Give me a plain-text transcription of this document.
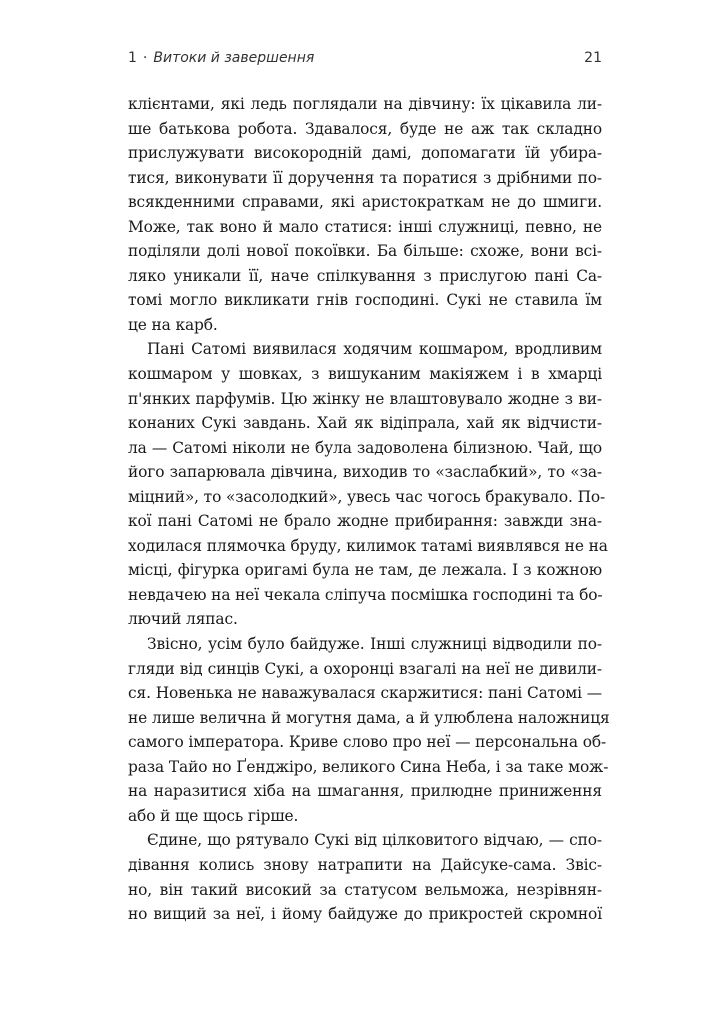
1 · Витоки й завершення	21
клієнтами, які ледь поглядали на дівчину: їх цікавила ли-
ше батькова робота. Здавалося, буде не аж так складно
прислужувати високородній дамі, допомагати їй убира-
тися, виконувати її доручення та поратися з дрібними по-
всякденними справами, які аристократкам не до шмиги.
Може, так воно й мало статися: інші служниці, певно, не
поділяли долі нової покоївки. Ба більше: схоже, вони всі-
ляко уникали її, наче спілкування з прислугою пані Са-
томі могло викликати гнів господині. Сукі не ставила їм
це на карб.
Пані Сатомі виявилася ходячим кошмаром, вродливим
кошмаром у шовках, з вишуканим макіяжем і в хмарці
п'янких парфумів. Цю жінку не влаштовувало жодне з ви-
конаних Сукі завдань. Хай як відіпрала, хай як відчисти-
ла — Сатомі ніколи не була задоволена білизною. Чай, що
його запарювала дівчина, виходив то «заслабкий», то «за-
міцний», то «засолодкий», увесь час чогось бракувало. По-
кої пані Сатомі не брало жодне прибирання: завжди зна-
ходилася плямочка бруду, килимок татамі виявлявся не на
місці, фігурка оригамі була не там, де лежала. І з кожною
невдачею на неї чекала сліпуча посмішка господині та бо-
лючий ляпас.
Звісно, усім було байдуже. Інші служниці відводили по-
гляди від синців Сукі, а охоронці взагалі на неї не дивили-
ся. Новенька не наважувалася скаржитися: пані Сатомі —
не лише велична й могутня дама, а й улюблена наложниця
самого імператора. Криве слово про неї — персональна об-
раза Тайо но Ґенджіро, великого Сина Неба, і за таке мож-
на наразитися хіба на шмагання, прилюдне приниження
або й ще щось гірше.
Єдине, що рятувало Сукі від цілковитого відчаю, — спо-
дівання колись знову натрапити на Дайсуке-сама. Звіс-
но, він такий високий за статусом вельможа, незрівнян-
но вищий за неї, і йому байдуже до прикростей скромної
